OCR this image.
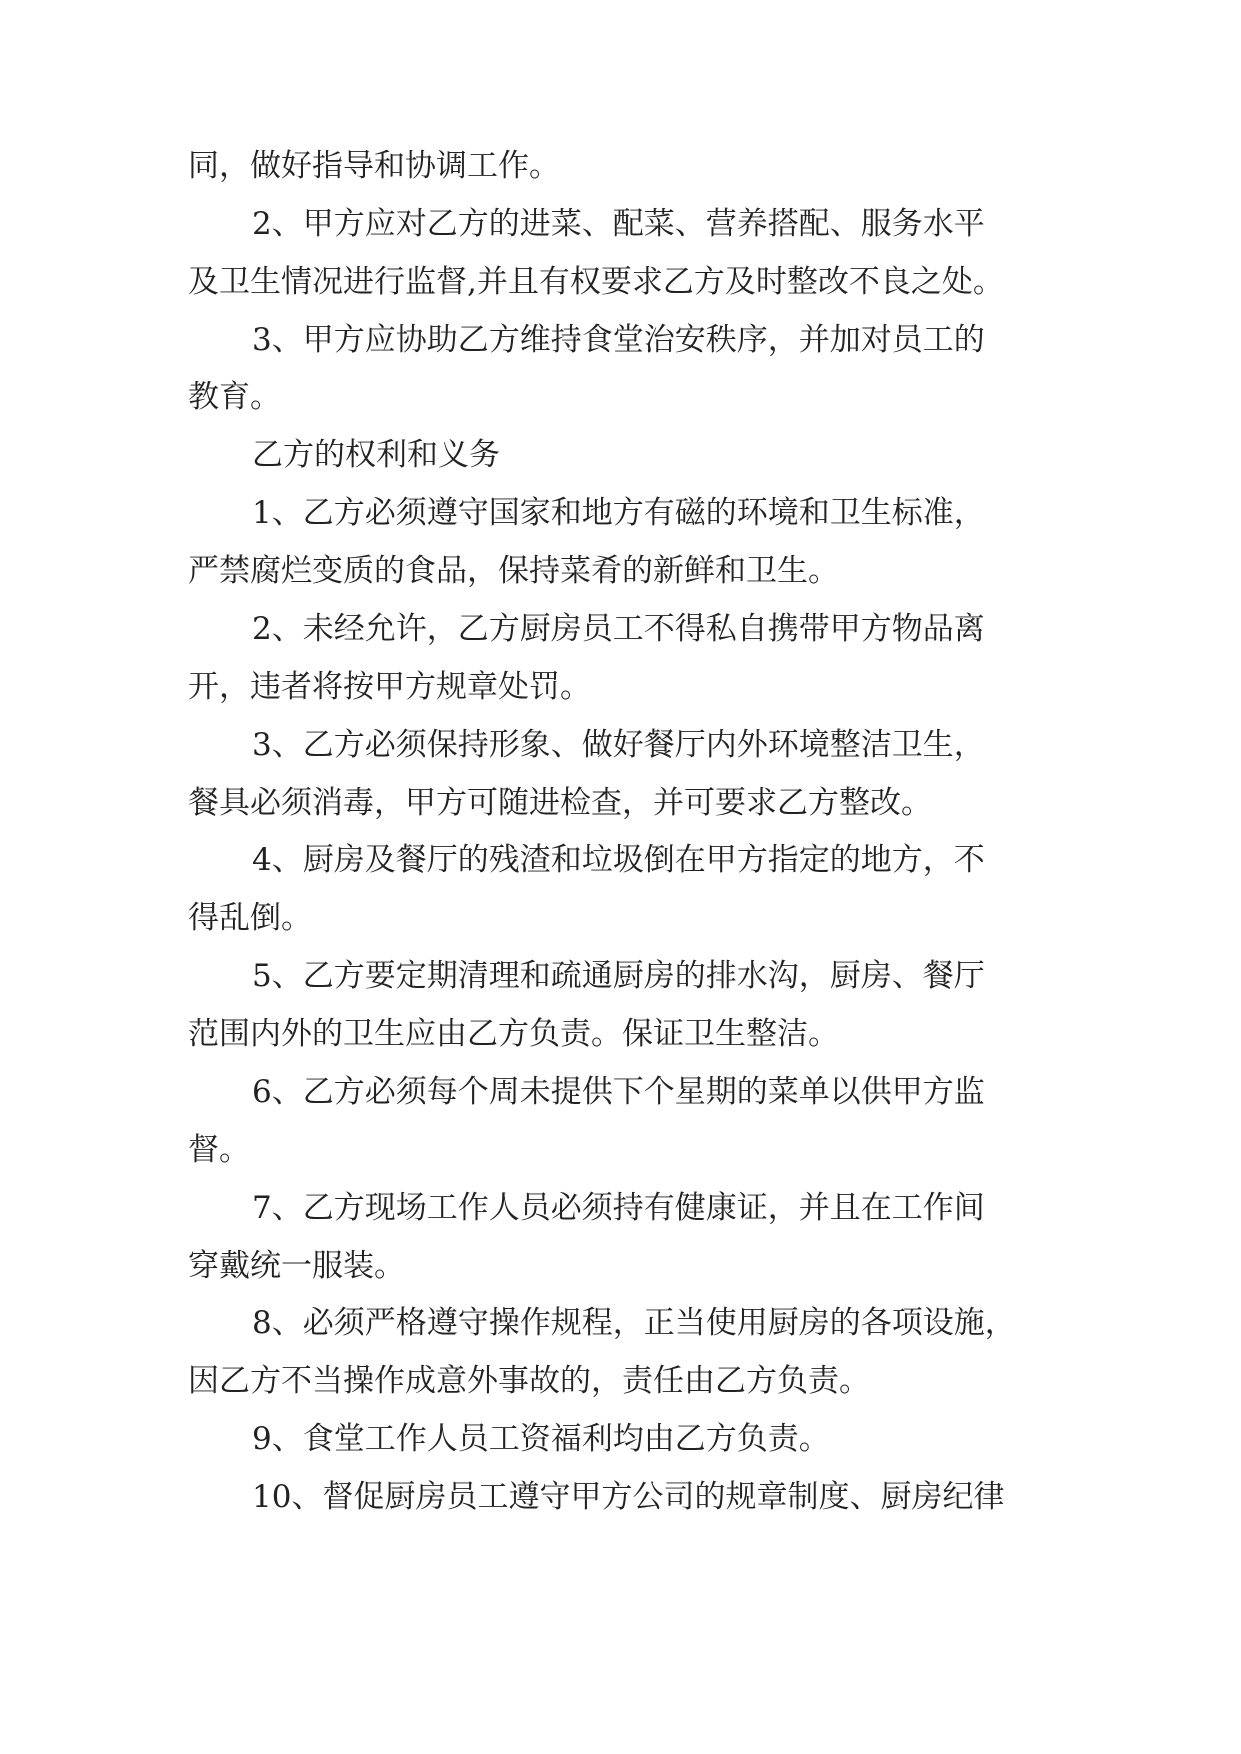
同，做好指导和协调工作。
2、甲方应对乙方的进菜、配菜、营养搭配、服务水平
及卫生情况进行监督,并且有权要求乙方及时整改不良之处。
3、甲方应协助乙方维持食堂治安秩序，并加对员工的
教育。
乙方的权利和义务
1、乙方必须遵守国家和地方有磁的环境和卫生标准，
严禁腐烂变质的食品，保持菜肴的新鲜和卫生。
2、未经允许，乙方厨房员工不得私自携带甲方物品离
开，违者将按甲方规章处罚。
3、乙方必须保持形象、做好餐厅内外环境整洁卫生，
餐具必须消毒，甲方可随进检查，并可要求乙方整改。
4、厨房及餐厅的残渣和垃圾倒在甲方指定的地方，不
得乱倒。
5、乙方要定期清理和疏通厨房的排水沟，厨房、餐厅
范围内外的卫生应由乙方负责。保证卫生整洁。
6、乙方必须每个周未提供下个星期的菜单以供甲方监
督。
7、乙方现场工作人员必须持有健康证，并且在工作间
穿戴统一服装。
8、必须严格遵守操作规程，正当使用厨房的各项设施，
因乙方不当操作成意外事故的，责任由乙方负责。
9、食堂工作人员工资福利均由乙方负责。
10、督促厨房员工遵守甲方公司的规章制度、厨房纪律
